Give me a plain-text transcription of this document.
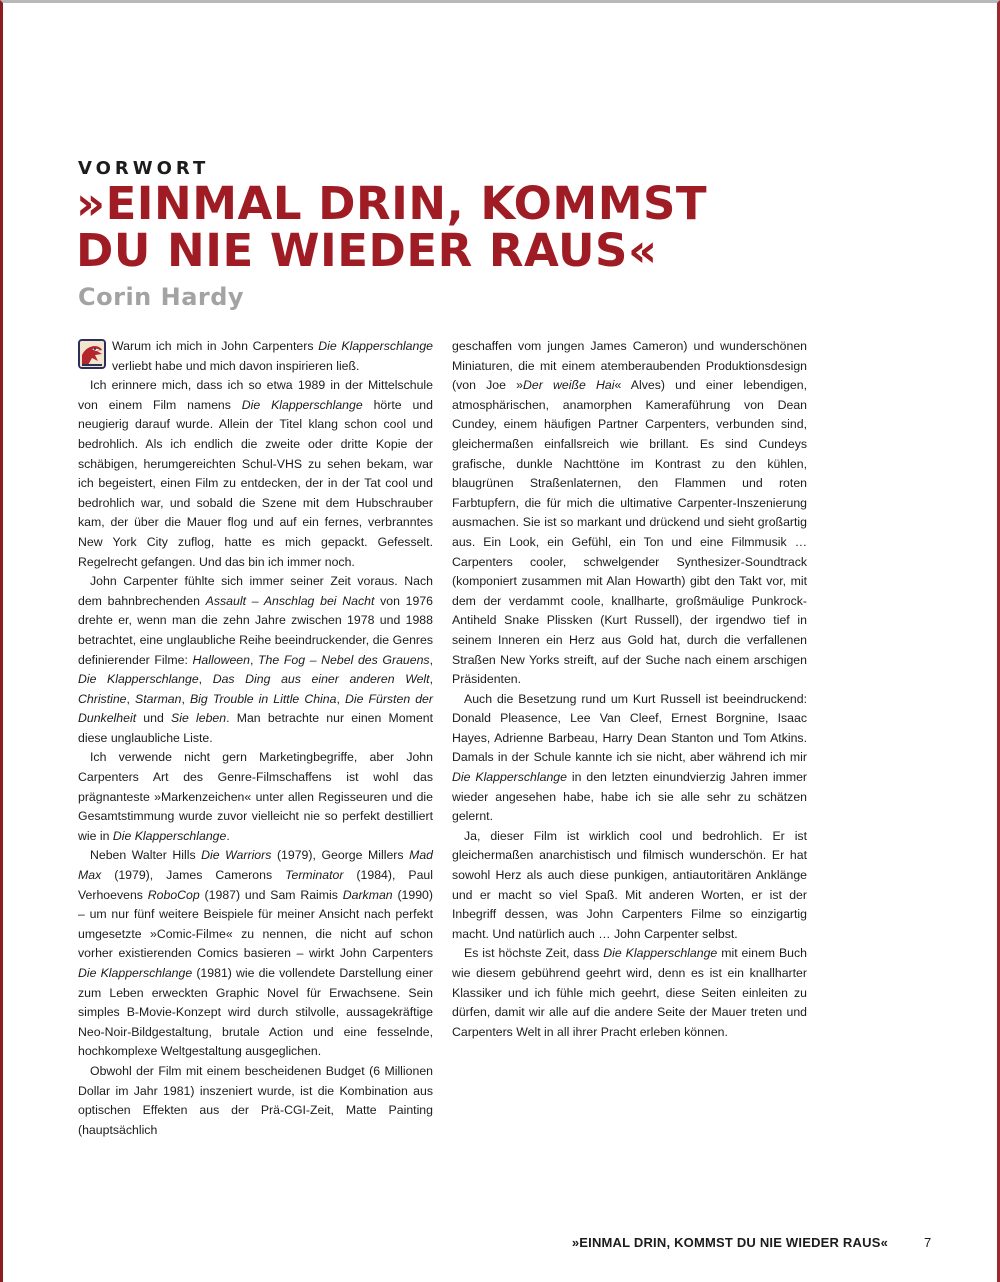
VORWORT
»EINMAL DRIN, KOMMST
DU NIE WIEDER RAUS«
Corin Hardy

Warum ich mich in John Carpenters Die Klapperschlange verliebt habe und mich davon inspirieren ließ.

Ich erinnere mich, dass ich so etwa 1989 in der Mittelschule von einem Film namens Die Klapperschlange hörte und neugierig darauf wurde. Allein der Titel klang schon cool und bedrohlich. Als ich endlich die zweite oder dritte Kopie der schäbigen, herumgereichten Schul-VHS zu sehen bekam, war ich begeistert, einen Film zu entdecken, der in der Tat cool und bedrohlich war, und sobald die Szene mit dem Hubschrauber kam, der über die Mauer flog und auf ein fernes, verbranntes New York City zuflog, hatte es mich gepackt. Gefesselt. Regelrecht gefangen. Und das bin ich immer noch.

John Carpenter fühlte sich immer seiner Zeit voraus. Nach dem bahnbrechenden Assault – Anschlag bei Nacht von 1976 drehte er, wenn man die zehn Jahre zwischen 1978 und 1988 betrachtet, eine unglaubliche Reihe beeindruckender, die Genres definierender Filme: Halloween, The Fog – Nebel des Grauens, Die Klapperschlange, Das Ding aus einer anderen Welt, Christine, Starman, Big Trouble in Little China, Die Fürsten der Dunkelheit und Sie leben. Man betrachte nur einen Moment diese unglaubliche Liste.

Ich verwende nicht gern Marketingbegriffe, aber John Carpenters Art des Genre-Filmschaffens ist wohl das prägnanteste »Markenzeichen« unter allen Regisseuren und die Gesamtstimmung wurde zuvor vielleicht nie so perfekt destilliert wie in Die Klapperschlange.

Neben Walter Hills Die Warriors (1979), George Millers Mad Max (1979), James Camerons Terminator (1984), Paul Verhoevens RoboCop (1987) und Sam Raimis Darkman (1990) – um nur fünf weitere Beispiele für meiner Ansicht nach perfekt umgesetzte »Comic-Filme« zu nennen, die nicht auf schon vorher existierenden Comics basieren – wirkt John Carpenters Die Klapperschlange (1981) wie die vollendete Darstellung einer zum Leben erweckten Graphic Novel für Erwachsene. Sein simples B-Movie-Konzept wird durch stilvolle, aussagekräftige Neo-Noir-Bildgestaltung, brutale Action und eine fesselnde, hochkomplexe Weltgestaltung ausgeglichen.

Obwohl der Film mit einem bescheidenen Budget (6 Millionen Dollar im Jahr 1981) inszeniert wurde, ist die Kombination aus optischen Effekten aus der Prä-CGI-Zeit, Matte Painting (hauptsächlich

geschaffen vom jungen James Cameron) und wunderschönen Miniaturen, die mit einem atemberaubenden Produktionsdesign (von Joe »Der weiße Hai« Alves) und einer lebendigen, atmosphärischen, anamorphen Kameraführung von Dean Cundey, einem häufigen Partner Carpenters, verbunden sind, gleichermaßen einfallsreich wie brillant. Es sind Cundeys grafische, dunkle Nachttöne im Kontrast zu den kühlen, blaugrünen Straßenlaternen, den Flammen und roten Farbtupfern, die für mich die ultimative Carpenter-Inszenierung ausmachen. Sie ist so markant und drückend und sieht großartig aus. Ein Look, ein Gefühl, ein Ton und eine Filmmusik … Carpenters cooler, schwelgender Synthesizer-Soundtrack (komponiert zusammen mit Alan Howarth) gibt den Takt vor, mit dem der verdammt coole, knallharte, großmäulige Punkrock-Antiheld Snake Plissken (Kurt Russell), der irgendwo tief in seinem Inneren ein Herz aus Gold hat, durch die verfallenen Straßen New Yorks streift, auf der Suche nach einem arschigen Präsidenten.

Auch die Besetzung rund um Kurt Russell ist beeindruckend: Donald Pleasence, Lee Van Cleef, Ernest Borgnine, Isaac Hayes, Adrienne Barbeau, Harry Dean Stanton und Tom Atkins. Damals in der Schule kannte ich sie nicht, aber während ich mir Die Klapperschlange in den letzten einundvierzig Jahren immer wieder angesehen habe, habe ich sie alle sehr zu schätzen gelernt.

Ja, dieser Film ist wirklich cool und bedrohlich. Er ist gleichermaßen anarchistisch und filmisch wunderschön. Er hat sowohl Herz als auch diese punkigen, antiautoritären Anklänge und er macht so viel Spaß. Mit anderen Worten, er ist der Inbegriff dessen, was John Carpenters Filme so einzigartig macht. Und natürlich auch … John Carpenter selbst.

Es ist höchste Zeit, dass Die Klapperschlange mit einem Buch wie diesem gebührend geehrt wird, denn es ist ein knallharter Klassiker und ich fühle mich geehrt, diese Seiten einleiten zu dürfen, damit wir alle auf die andere Seite der Mauer treten und Carpenters Welt in all ihrer Pracht erleben können.

»EINMAL DRIN, KOMMST DU NIE WIEDER RAUS«	7
